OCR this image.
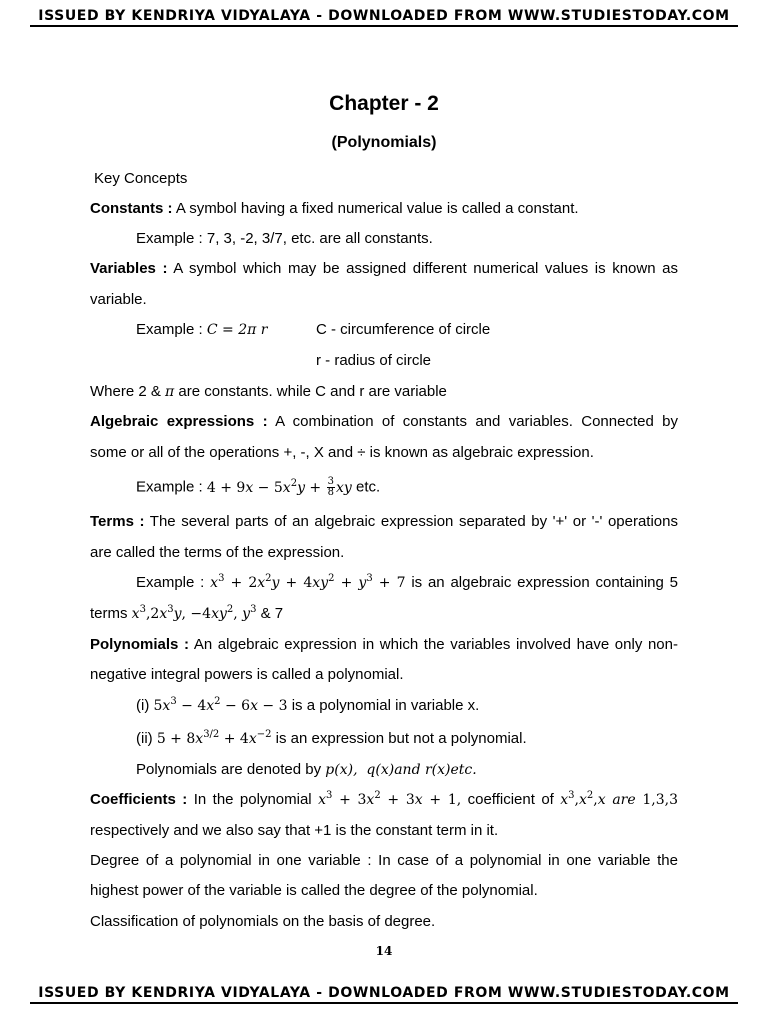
ISSUED BY KENDRIYA VIDYALAYA - DOWNLOADED FROM WWW.STUDIESTODAY.COM
Chapter - 2
(Polynomials)
Key Concepts
Constants : A symbol having a fixed numerical value is called a constant.
Example : 7, 3, -2, 3/7, etc. are all constants.
Variables : A symbol which may be assigned different numerical values is known as
variable.
Example : C = 2π r	C - circumference of circle
r - radius of circle
Where 2 & π are constants. while C and r are variable
Algebraic expressions : A combination of constants and variables. Connected by
some or all of the operations +, -, X and ÷ is known as algebraic expression.
Example : $4 + 9x - 5x^2y + \frac{3}{8}$ xy etc.
Terms : The several parts of an algebraic expression separated by '+' or '-' operations
are called the terms of the expression.
Example : $x^3 + 2x^2y + 4xy^2 + y^3 + 7$ is an algebraic expression containing 5
terms $x^3,2x^3y$, $-4xy^2$, $y^3$ & 7
Polynomials : An algebraic expression in which the variables involved have only non-
negative integral powers is called a polynomial.
(i) $5x^3 - 4x^2 - 6x - 3$ is a polynomial in variable x.
(ii) $5 + 8x^{3/2} + 4x^{-2}$ is an expression but not a polynomial.
Polynomials are denoted by p(x),  q(x)and r(x)etc.
Coefficients : In the polynomial $x^3 + 3x^2 + 3x + 1$, coefficient of $x^3,x^2,x$ are 1,3,3
respectively and we also say that +1 is the constant term in it.
Degree of a polynomial in one variable : In case of a polynomial in one variable the
highest power of the variable is called the degree of the polynomial.
Classification of polynomials on the basis of degree.
14
ISSUED BY KENDRIYA VIDYALAYA - DOWNLOADED FROM WWW.STUDIESTODAY.COM
